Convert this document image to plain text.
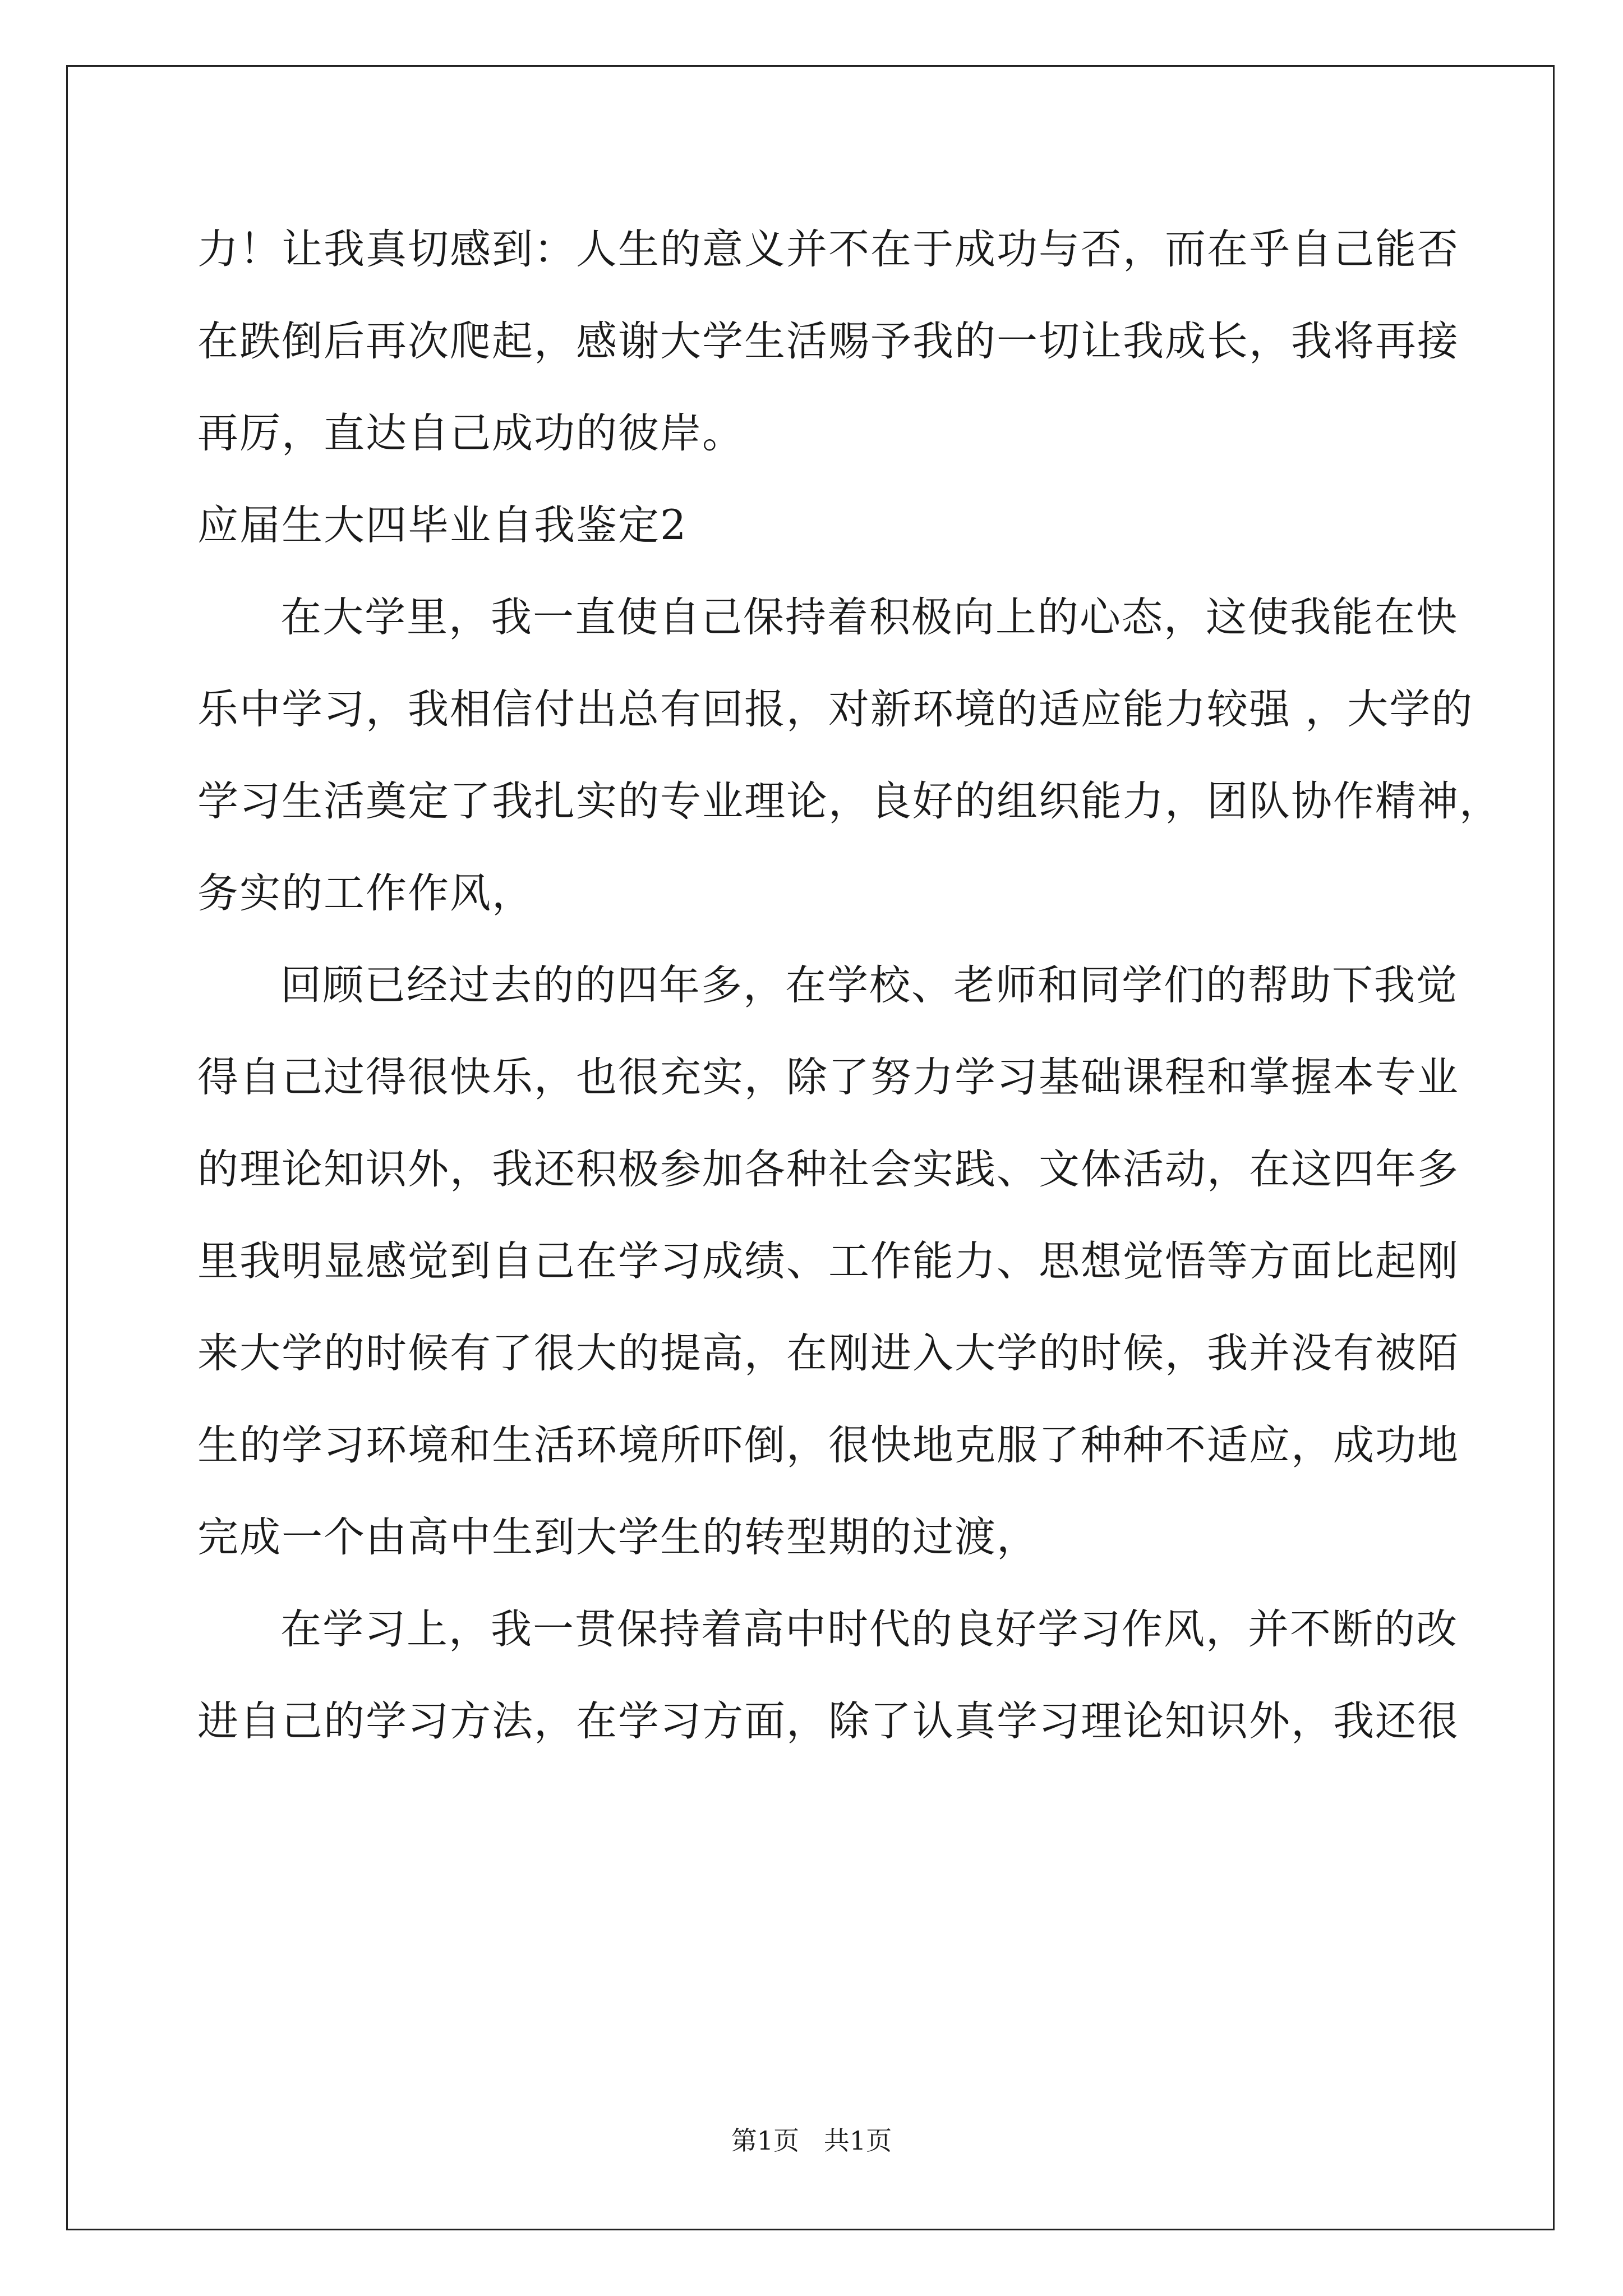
力！让我真切感到：人生的意义并不在于成功与否，而在乎自己能否
在跌倒后再次爬起，感谢大学生活赐予我的一切让我成长，我将再接
再厉，直达自己成功的彼岸。
应届生大四毕业自我鉴定2
在大学里，我一直使自己保持着积极向上的心态，这使我能在快
乐中学习，我相信付出总有回报，对新环境的适应能力较强 ，大学的
学习生活奠定了我扎实的专业理论，良好的组织能力，团队协作精神，
务实的工作作风，
回顾已经过去的的四年多，在学校、老师和同学们的帮助下我觉
得自己过得很快乐，也很充实，除了努力学习基础课程和掌握本专业
的理论知识外，我还积极参加各种社会实践、文体活动，在这四年多
里我明显感觉到自己在学习成绩、工作能力、思想觉悟等方面比起刚
来大学的时候有了很大的提高，在刚进入大学的时候，我并没有被陌
生的学习环境和生活环境所吓倒，很快地克服了种种不适应，成功地
完成一个由高中生到大学生的转型期的过渡，
在学习上，我一贯保持着高中时代的良好学习作风，并不断的改
进自己的学习方法，在学习方面，除了认真学习理论知识外，我还很
第1页   共1页
